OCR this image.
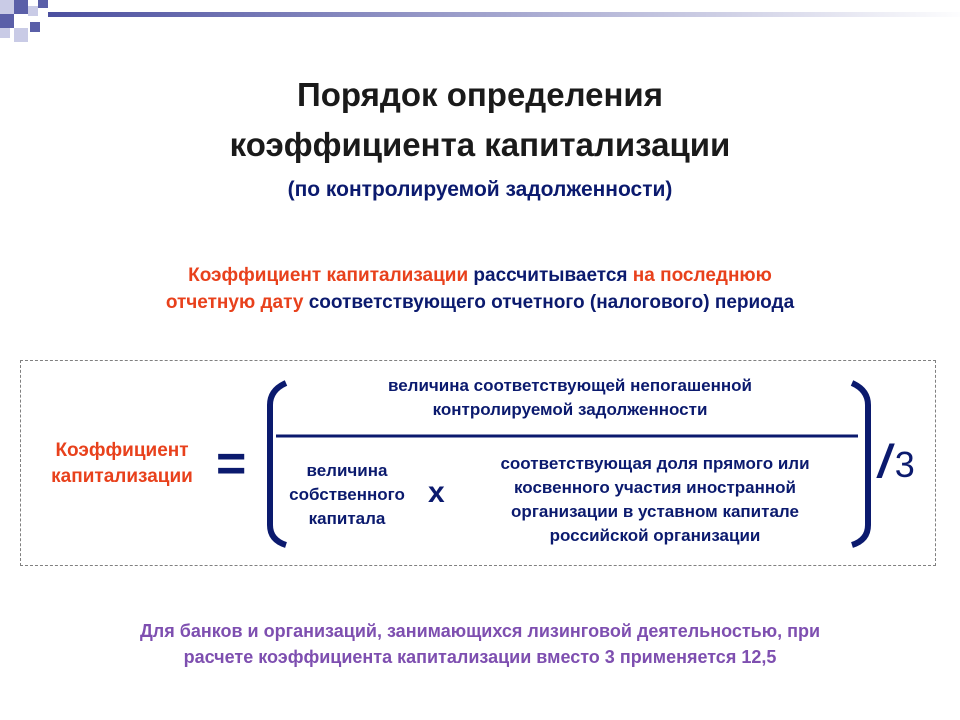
Порядок определения
коэффициента капитализации
(по контролируемой задолженности)
Коэффициент капитализации рассчитывается на последнюю
отчетную дату соответствующего отчетного (налогового) периода
Коэффициент
капитализации =
величина соответствующей непогашенной
контролируемой задолженности
величина
собственного
капитала
х
соответствующая доля прямого или
косвенного участия иностранной
организации в уставном капитале
российской организации
/ 3
Для банков и организаций, занимающихся лизинговой деятельностью, при
расчете коэффициента капитализации вместо 3 применяется 12,5
